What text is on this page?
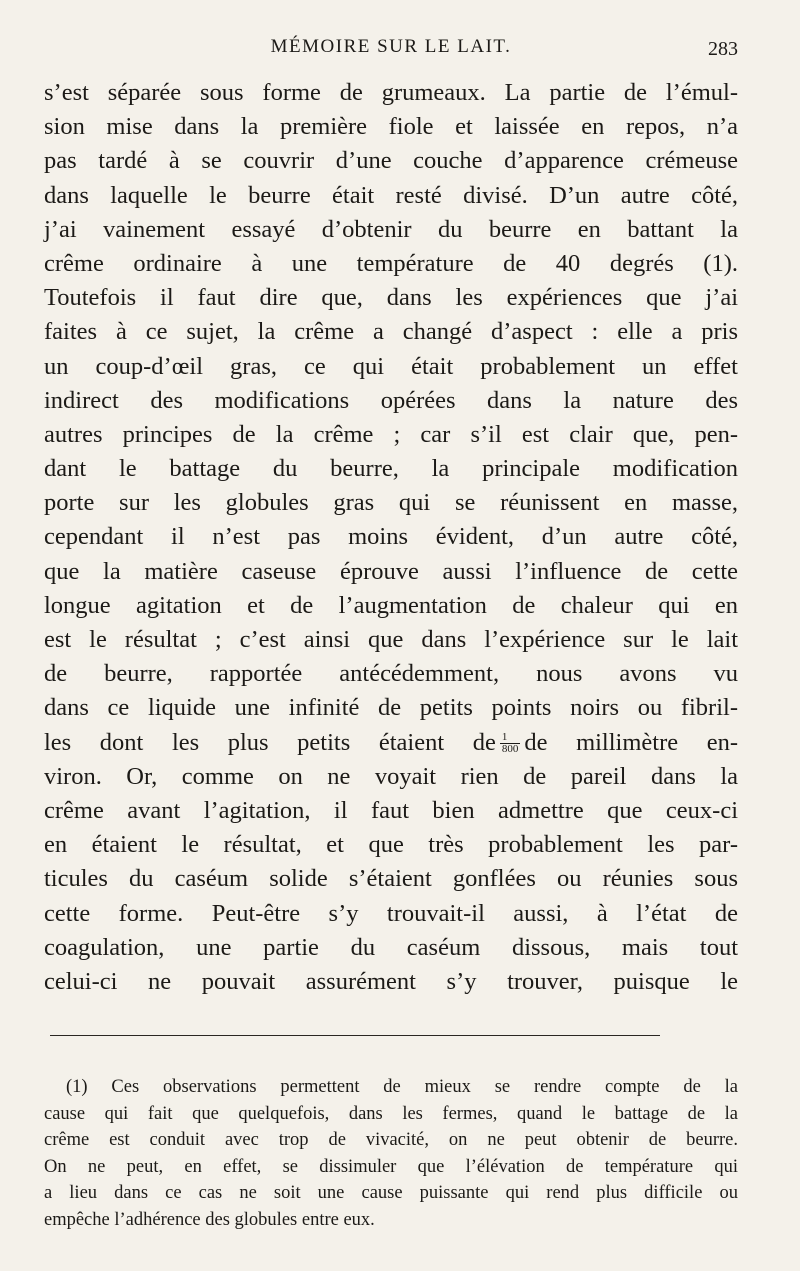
MÉMOIRE SUR LE LAIT.	283
s’est séparée sous forme de grumeaux. La partie de l’émul-
sion mise dans la première fiole et laissée en repos, n’a
pas tardé à se couvrir d’une couche d’apparence crémeuse
dans laquelle le beurre était resté divisé. D’un autre côté,
j’ai vainement essayé d’obtenir du beurre en battant la
crême ordinaire à une température de 40 degrés (1).
Toutefois il faut dire que, dans les expériences que j’ai
faites à ce sujet, la crême a changé d’aspect : elle a pris
un coup-d’œil gras, ce qui était probablement un effet
indirect des modifications opérées dans la nature des
autres principes de la crême ; car s’il est clair que, pen-
dant le battage du beurre, la principale modification
porte sur les globules gras qui se réunissent en masse,
cependant il n’est pas moins évident, d’un autre côté,
que la matière caseuse éprouve aussi l’influence de cette
longue agitation et de l’augmentation de chaleur qui en
est le résultat ; c’est ainsi que dans l’expérience sur le lait
de beurre, rapportée antécédemment, nous avons vu
dans ce liquide une infinité de petits points noirs ou fibril-
les dont les plus petits étaient de $\frac{1}{800}$ de millimètre en-
viron. Or, comme on ne voyait rien de pareil dans la
crême avant l’agitation, il faut bien admettre que ceux-ci
en étaient le résultat, et que très probablement les par-
ticules du caséum solide s’étaient gonflées ou réunies sous
cette forme. Peut-être s’y trouvait-il aussi, à l’état de
coagulation, une partie du caséum dissous, mais tout
celui-ci ne pouvait assurément s’y trouver, puisque le
(1) Ces observations permettent de mieux se rendre compte de la
cause qui fait que quelquefois, dans les fermes, quand le battage de la
crême est conduit avec trop de vivacité, on ne peut obtenir de beurre.
On ne peut, en effet, se dissimuler que l’élévation de température qui
a lieu dans ce cas ne soit une cause puissante qui rend plus difficile ou
empêche l’adhérence des globules entre eux.
